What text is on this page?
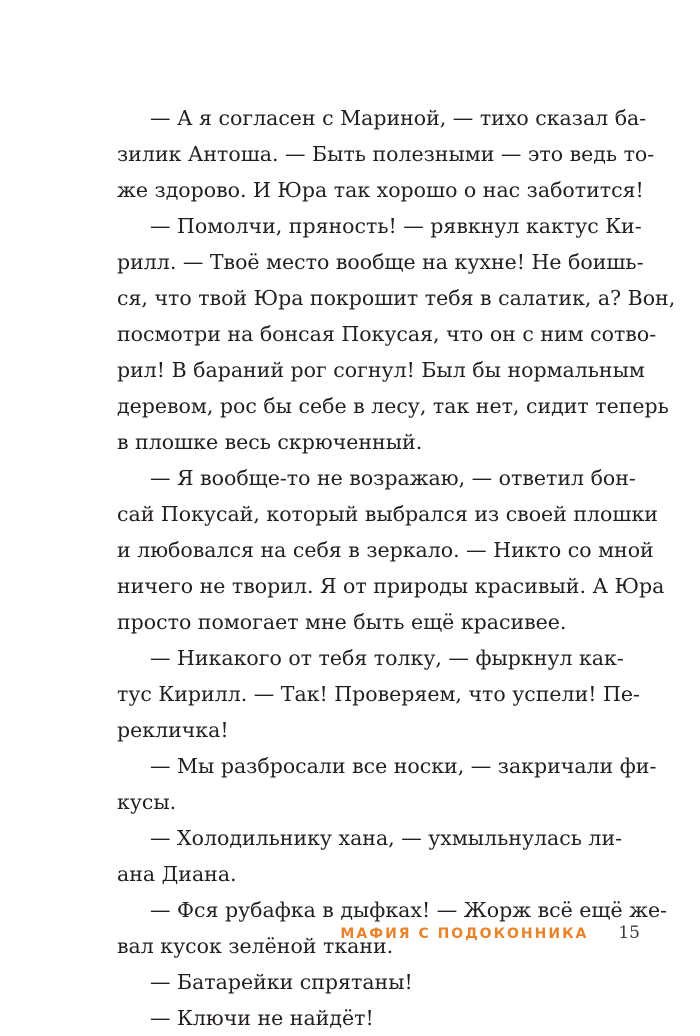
— А я согласен с Мариной, — тихо сказал ба-

зилик Антоша. — Быть полезными — это ведь то-

же здорово. И Юра так хорошо о нас заботится!

— Помолчи, пряность! — рявкнул кактус Ки-

рилл. — Твоё место вообще на кухне! Не боишь-

ся, что твой Юра покрошит тебя в салатик, а? Вон,

посмотри на бонсая Покусая, что он с ним сотво-

рил! В бараний рог согнул! Был бы нормальным

деревом, рос бы себе в лесу, так нет, сидит теперь

в плошке весь скрюченный.

— Я вообще-то не возражаю, — ответил бон-

сай Покусай, который выбрался из своей плошки

и любовался на себя в зеркало. — Никто со мной

ничего не творил. Я от природы красивый. А Юра

просто помогает мне быть ещё красивее.

— Никакого от тебя толку, — фыркнул как-

тус Кирилл. — Так! Проверяем, что успели! Пе-

рекличка!

— Мы разбросали все носки, — закричали фи-

кусы.

— Холодильнику хана, — ухмыльнулась ли-

ана Диана.

— Фся рубафка в дыфках! — Жорж всё ещё же-

вал кусок зелёной ткани.

— Батарейки спрятаны!

— Ключи не найдёт!

МАФИЯ С ПОДОКОННИКА 15
